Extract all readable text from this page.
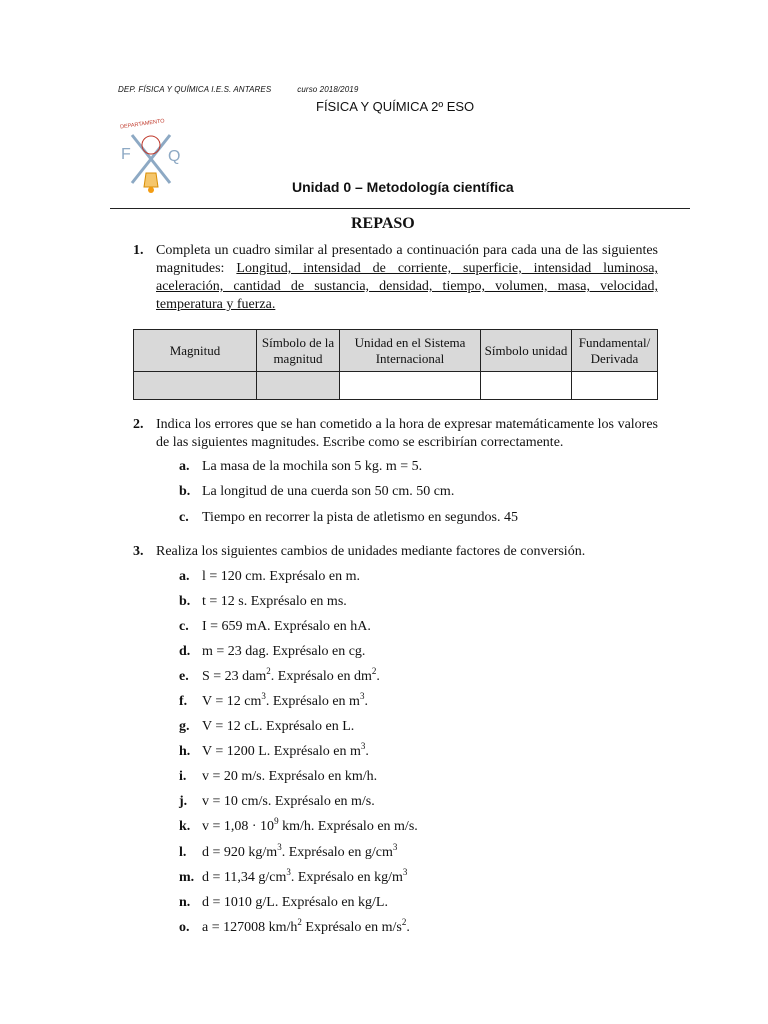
DEP. FÍSICA Y QUÍMICA I.E.S. ANTARES	curso 2018/2019
FÍSICA Y QUÍMICA 2º ESO
DEPARTAMENTO
F Q
Unidad 0 – Metodología científica
REPASO
1. Completa un cuadro similar al presentado a continuación para cada una de las siguientes magnitudes: Longitud, intensidad de corriente, superficie, intensidad luminosa, aceleración, cantidad de sustancia, densidad, tiempo, volumen, masa, velocidad, temperatura y fuerza.
Magnitud	Símbolo de la magnitud	Unidad en el Sistema Internacional	Símbolo unidad	Fundamental/ Derivada

2. Indica los errores que se han cometido a la hora de expresar matemáticamente los valores de las siguientes magnitudes. Escribe como se escribirían correctamente.
a. La masa de la mochila son 5 kg. m = 5.
b. La longitud de una cuerda son 50 cm. 50 cm.
c. Tiempo en recorrer la pista de atletismo en segundos. 45
3. Realiza los siguientes cambios de unidades mediante factores de conversión.
a. l = 120 cm. Exprésalo en m.
b. t = 12 s. Exprésalo en ms.
c. I = 659 mA. Exprésalo en hA.
d. m = 23 dag. Exprésalo en cg.
e. S = 23 dam$^2$. Exprésalo en $dm^2$.
f. V = 12 $cm^3$. Exprésalo en $m^3$.
g. V = 12 cL. Exprésalo en L.
h. V = 1200 L. Exprésalo en $m^3$.
i. v = 20 m/s. Exprésalo en km/h.
j. v = 10 cm/s. Exprésalo en m/s.
k. $v = 1,08 \cdot 10^9$ km/h. Exprésalo en m/s.
l. d = 920 $kg/m^3$. Exprésalo en $g/cm^3$
m. d = 11,34 $g/cm^3$. Exprésalo en $kg/m^3$
n. d = 1010 g/L. Exprésalo en kg/L.
o. a = 127008 $km/h^2$ Exprésalo en $m/s^2$.
